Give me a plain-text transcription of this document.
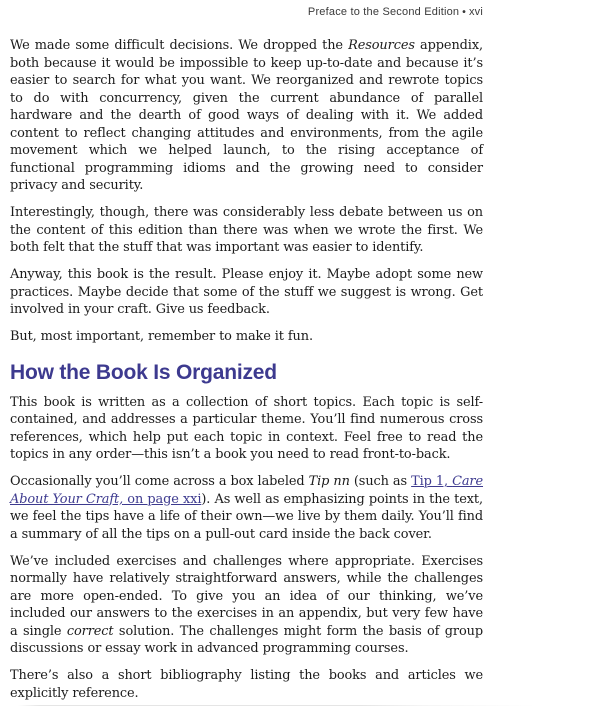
Preface to the Second Edition • xvi

We made some difficult decisions. We dropped the Resources appendix, both because it would be impossible to keep up-to-date and because it’s easier to search for what you want. We reorganized and rewrote topics to do with concurrency, given the current abundance of parallel hardware and the dearth of good ways of dealing with it. We added content to reflect changing attitudes and environments, from the agile movement which we helped launch, to the rising acceptance of functional programming idioms and the growing need to consider privacy and security.

Interestingly, though, there was considerably less debate between us on the content of this edition than there was when we wrote the first. We both felt that the stuff that was important was easier to identify.

Anyway, this book is the result. Please enjoy it. Maybe adopt some new practices. Maybe decide that some of the stuff we suggest is wrong. Get involved in your craft. Give us feedback.

But, most important, remember to make it fun.

How the Book Is Organized

This book is written as a collection of short topics. Each topic is self-contained, and addresses a particular theme. You’ll find numerous cross references, which help put each topic in context. Feel free to read the topics in any order—this isn’t a book you need to read front-to-back.

Occasionally you’ll come across a box labeled Tip nn (such as Tip 1, Care About Your Craft, on page xxi). As well as emphasizing points in the text, we feel the tips have a life of their own—we live by them daily. You’ll find a summary of all the tips on a pull-out card inside the back cover.

We’ve included exercises and challenges where appropriate. Exercises normally have relatively straightforward answers, while the challenges are more open-ended. To give you an idea of our thinking, we’ve included our answers to the exercises in an appendix, but very few have a single correct solution. The challenges might form the basis of group discussions or essay work in advanced programming courses.

There’s also a short bibliography listing the books and articles we explicitly reference.
